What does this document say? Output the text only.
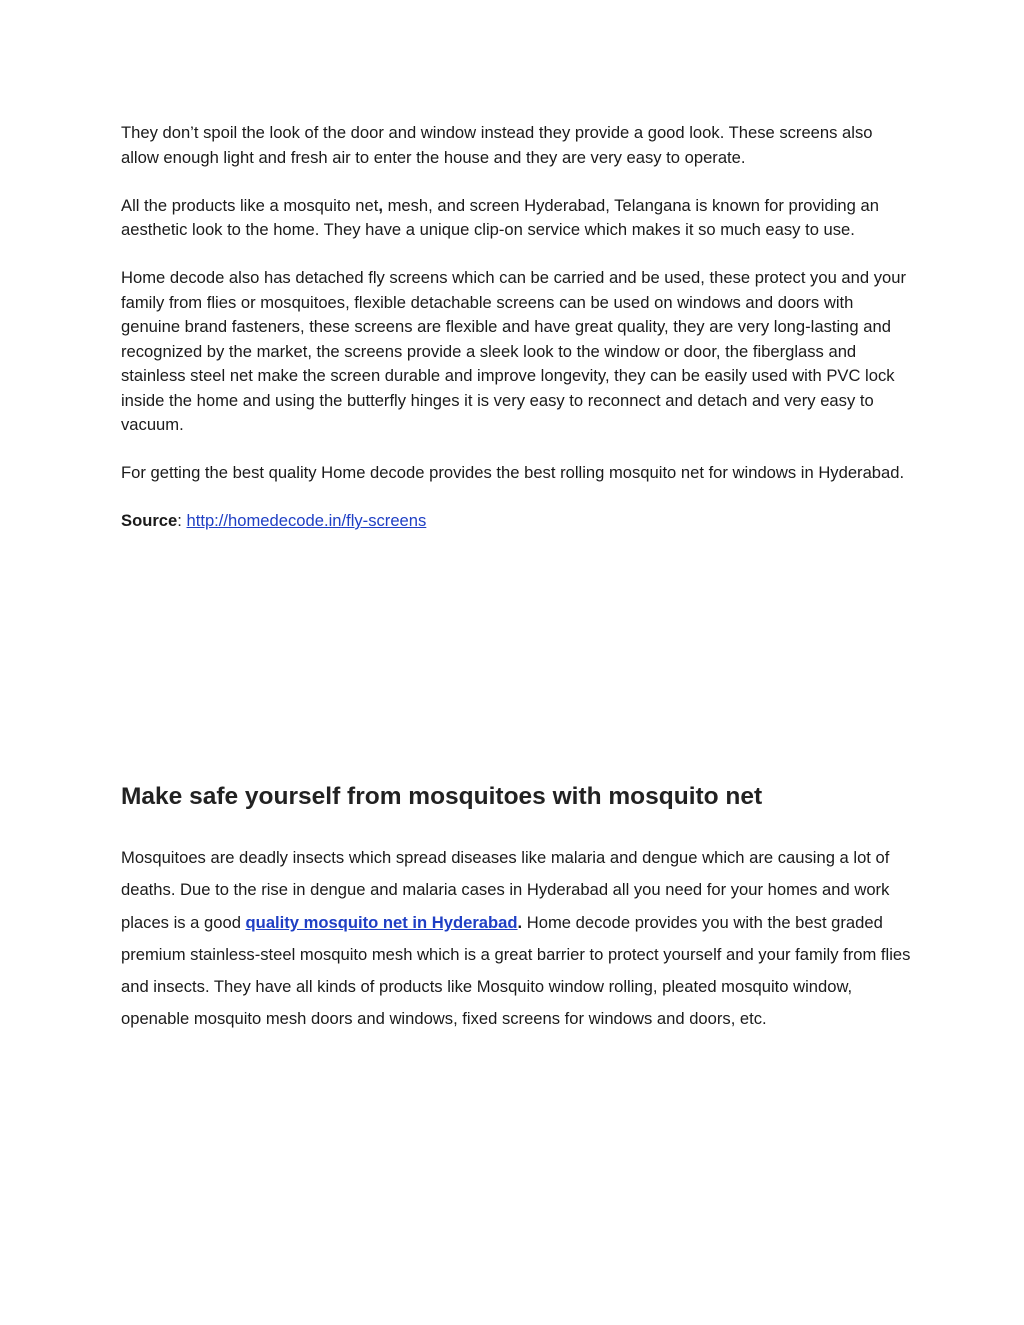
They don’t spoil the look of the door and window instead they provide a good look. These screens also allow enough light and fresh air to enter the house and they are very easy to operate.

All the products like a mosquito net, mesh, and screen Hyderabad, Telangana is known for providing an aesthetic look to the home. They have a unique clip-on service which makes it so much easy to use.

Home decode also has detached fly screens which can be carried and be used, these protect you and your family from flies or mosquitoes, flexible detachable screens can be used on windows and doors with genuine brand fasteners, these screens are flexible and have great quality, they are very long-lasting and recognized by the market, the screens provide a sleek look to the window or door, the fiberglass and stainless steel net make the screen durable and improve longevity, they can be easily used with PVC lock inside the home and using the butterfly hinges it is very easy to reconnect and detach and very easy to vacuum.

For getting the best quality Home decode provides the best rolling mosquito net for windows in Hyderabad.

Source: http://homedecode.in/fly-screens

Make safe yourself from mosquitoes with mosquito net

Mosquitoes are deadly insects which spread diseases like malaria and dengue which are causing a lot of deaths. Due to the rise in dengue and malaria cases in Hyderabad all you need for your homes and work places is a good quality mosquito net in Hyderabad. Home decode provides you with the best graded premium stainless-steel mosquito mesh which is a great barrier to protect yourself and your family from flies and insects. They have all kinds of products like Mosquito window rolling, pleated mosquito window, openable mosquito mesh doors and windows, fixed screens for windows and doors, etc.
